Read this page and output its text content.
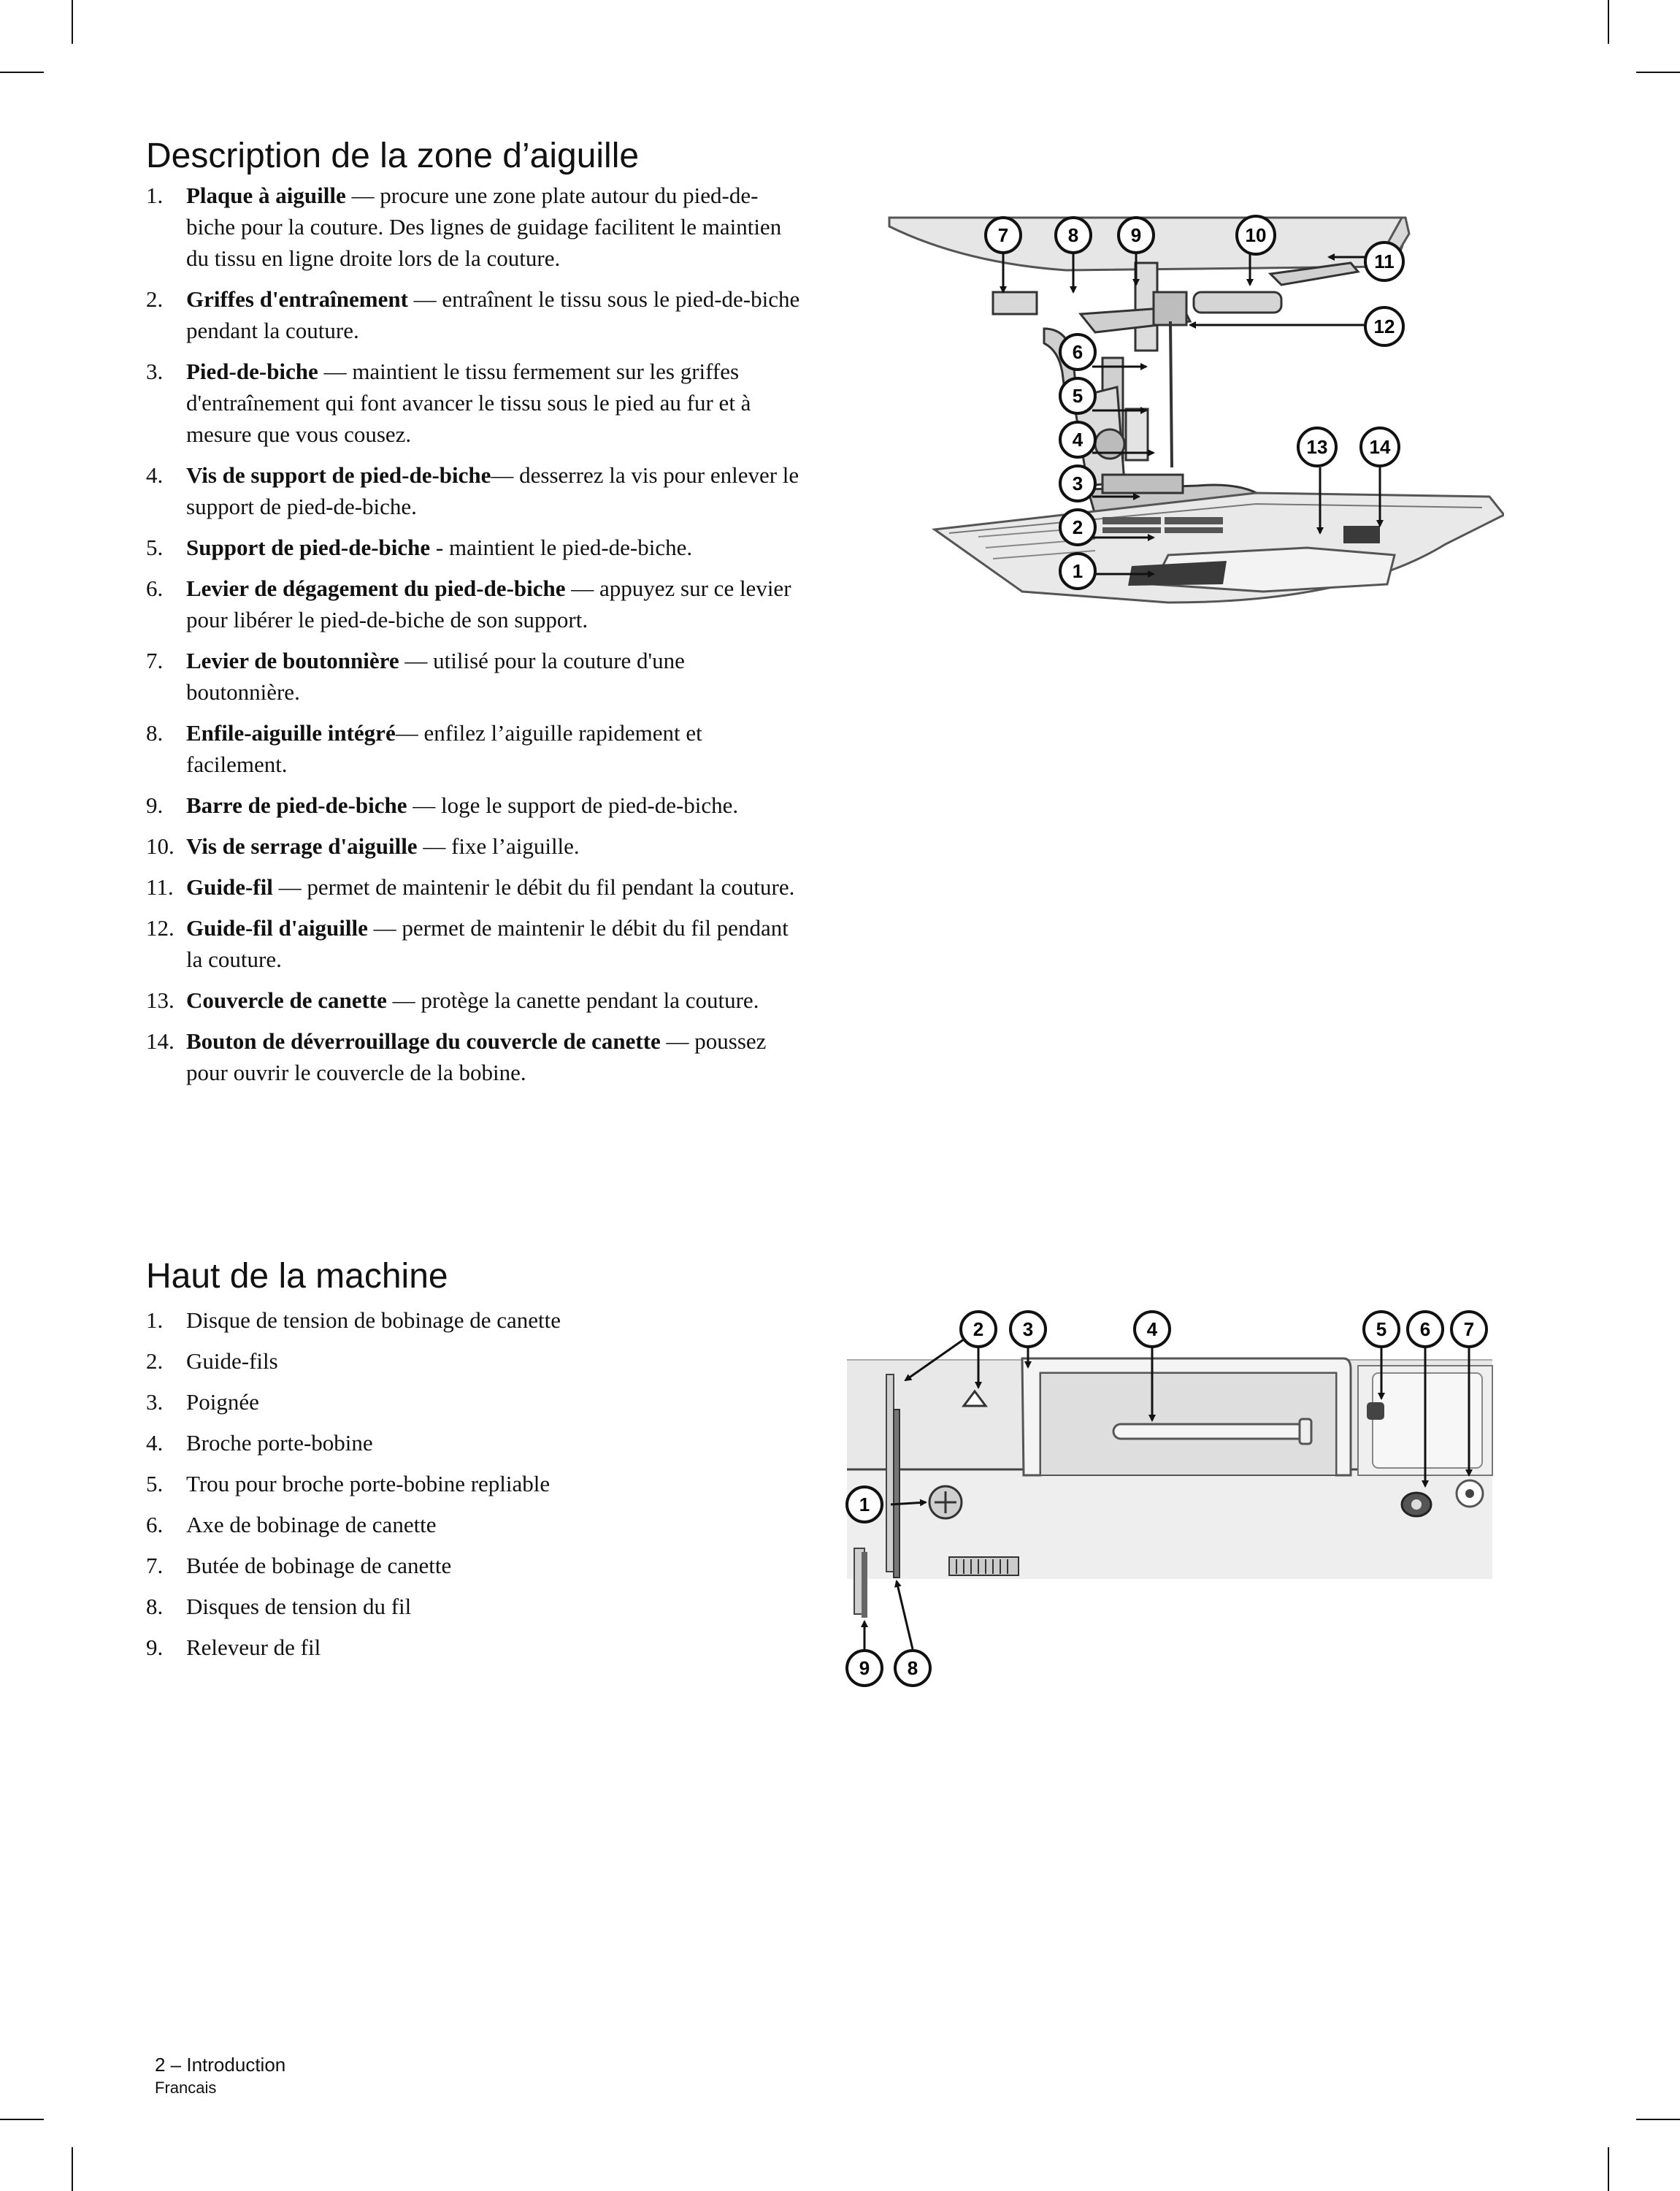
Description de la zone d’aiguille
1. Plaque à aiguille — procure une zone plate autour du pied-de-biche pour la couture. Des lignes de guidage facilitent le maintien du tissu en ligne droite lors de la couture.
2. Griffes d'entraînement — entraînent le tissu sous le pied-de-biche pendant la couture.
3. Pied-de-biche — maintient le tissu fermement sur les griffes d'entraînement qui font avancer le tissu sous le pied au fur et à mesure que vous cousez.
4. Vis de support de pied-de-biche— desserrez la vis pour enlever le support de pied-de-biche.
5. Support de pied-de-biche - maintient le pied-de-biche.
6. Levier de dégagement du pied-de-biche — appuyez sur ce levier pour libérer le pied-de-biche de son support.
7. Levier de boutonnière — utilisé pour la couture d'une boutonnière.
8. Enfile-aiguille intégré— enfilez l’aiguille rapidement et facilement.
9. Barre de pied-de-biche — loge le support de pied-de-biche.
10. Vis de serrage d'aiguille — fixe l’aiguille.
11. Guide-fil — permet de maintenir le débit du fil pendant la couture.
12. Guide-fil d'aiguille — permet de maintenir le débit du fil pendant la couture.
13. Couvercle de canette — protège la canette pendant la couture.
14. Bouton de déverrouillage du couvercle de canette — poussez pour ouvrir le couvercle de la bobine.
6
5
4
3
2
1
7	8	9	10
11
12
13 14
Haut de la machine
1. Disque de tension de bobinage de canette
2. Guide-fils
3. Poignée
4. Broche porte-bobine
5. Trou pour broche porte-bobine repliable
6. Axe de bobinage de canette
7. Butée de bobinage de canette
8. Disques de tension du fil
9. Releveur de fil
2 3	4	5 6 7
1
9 8
2 – Introduction
Francais
